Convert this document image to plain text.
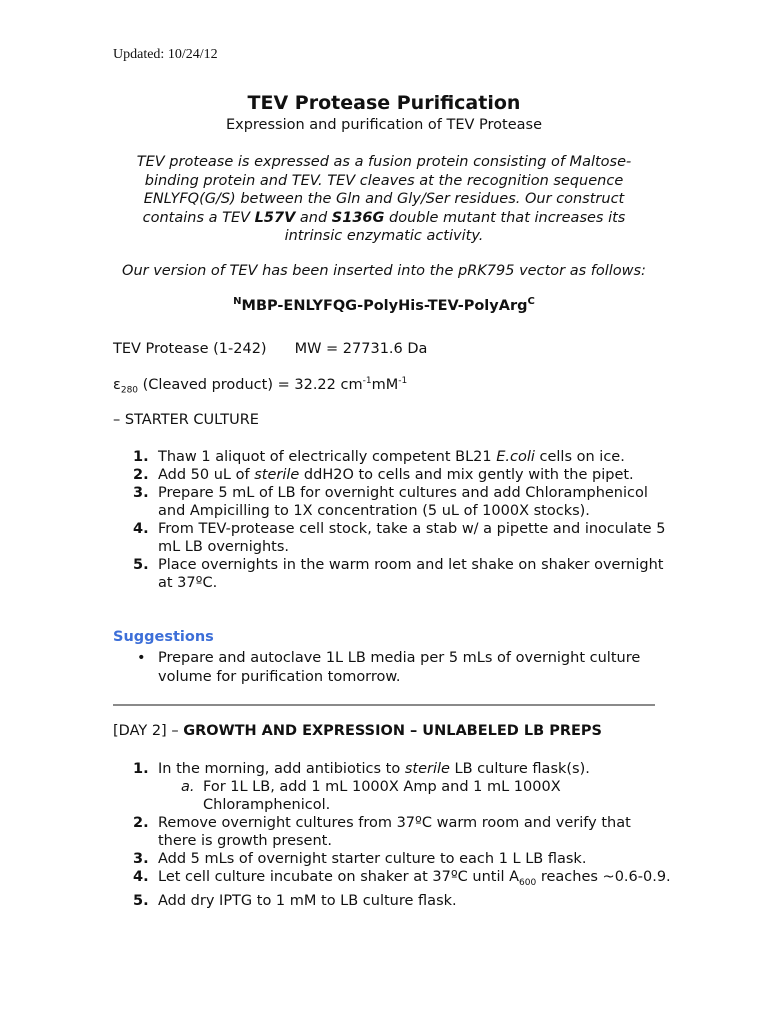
Updated: 10/24/12
TEV Protease Purification
Expression and purification of TEV Protease
TEV protease is expressed as a fusion protein consisting of Maltose-binding protein and TEV. TEV cleaves at the recognition sequence ENLYFQ(G/S) between the Gln and Gly/Ser residues. Our construct contains a TEV L57V and S136G double mutant that increases its intrinsic enzymatic activity.
Our version of TEV has been inserted into the pRK795 vector as follows:
$^N$MBP-ENLYFQG-PolyHis-TEV-PolyArg$^C$
TEV Protease (1-242) MW = 27731.6 Da
$\varepsilon_{280}$ (Cleaved product) = 32.22 $cm^{-1}mM^{-1}$
– STARTER CULTURE
1. Thaw 1 aliquot of electrically competent BL21 E.coli cells on ice.
2. Add 50 uL of sterile ddH2O to cells and mix gently with the pipet.
3. Prepare 5 mL of LB for overnight cultures and add Chloramphenicol and Ampicilling to 1X concentration (5 uL of 1000X stocks).
4. From TEV-protease cell stock, take a stab w/ a pipette and inoculate 5 mL LB overnights.
5. Place overnights in the warm room and let shake on shaker overnight at 37ºC.
Suggestions
• Prepare and autoclave 1L LB media per 5 mLs of overnight culture volume for purification tomorrow.
[DAY 2] – GROWTH AND EXPRESSION – UNLABELED LB PREPS
1. In the morning, add antibiotics to sterile LB culture flask(s).
a. For 1L LB, add 1 mL 1000X Amp and 1 mL 1000X Chloramphenicol.
2. Remove overnight cultures from 37ºC warm room and verify that there is growth present.
3. Add 5 mLs of overnight starter culture to each 1 L LB flask.
4. Let cell culture incubate on shaker at 37ºC until $A_{600}$ reaches ~0.6-0.9.
5. Add dry IPTG to 1 mM to LB culture flask.
